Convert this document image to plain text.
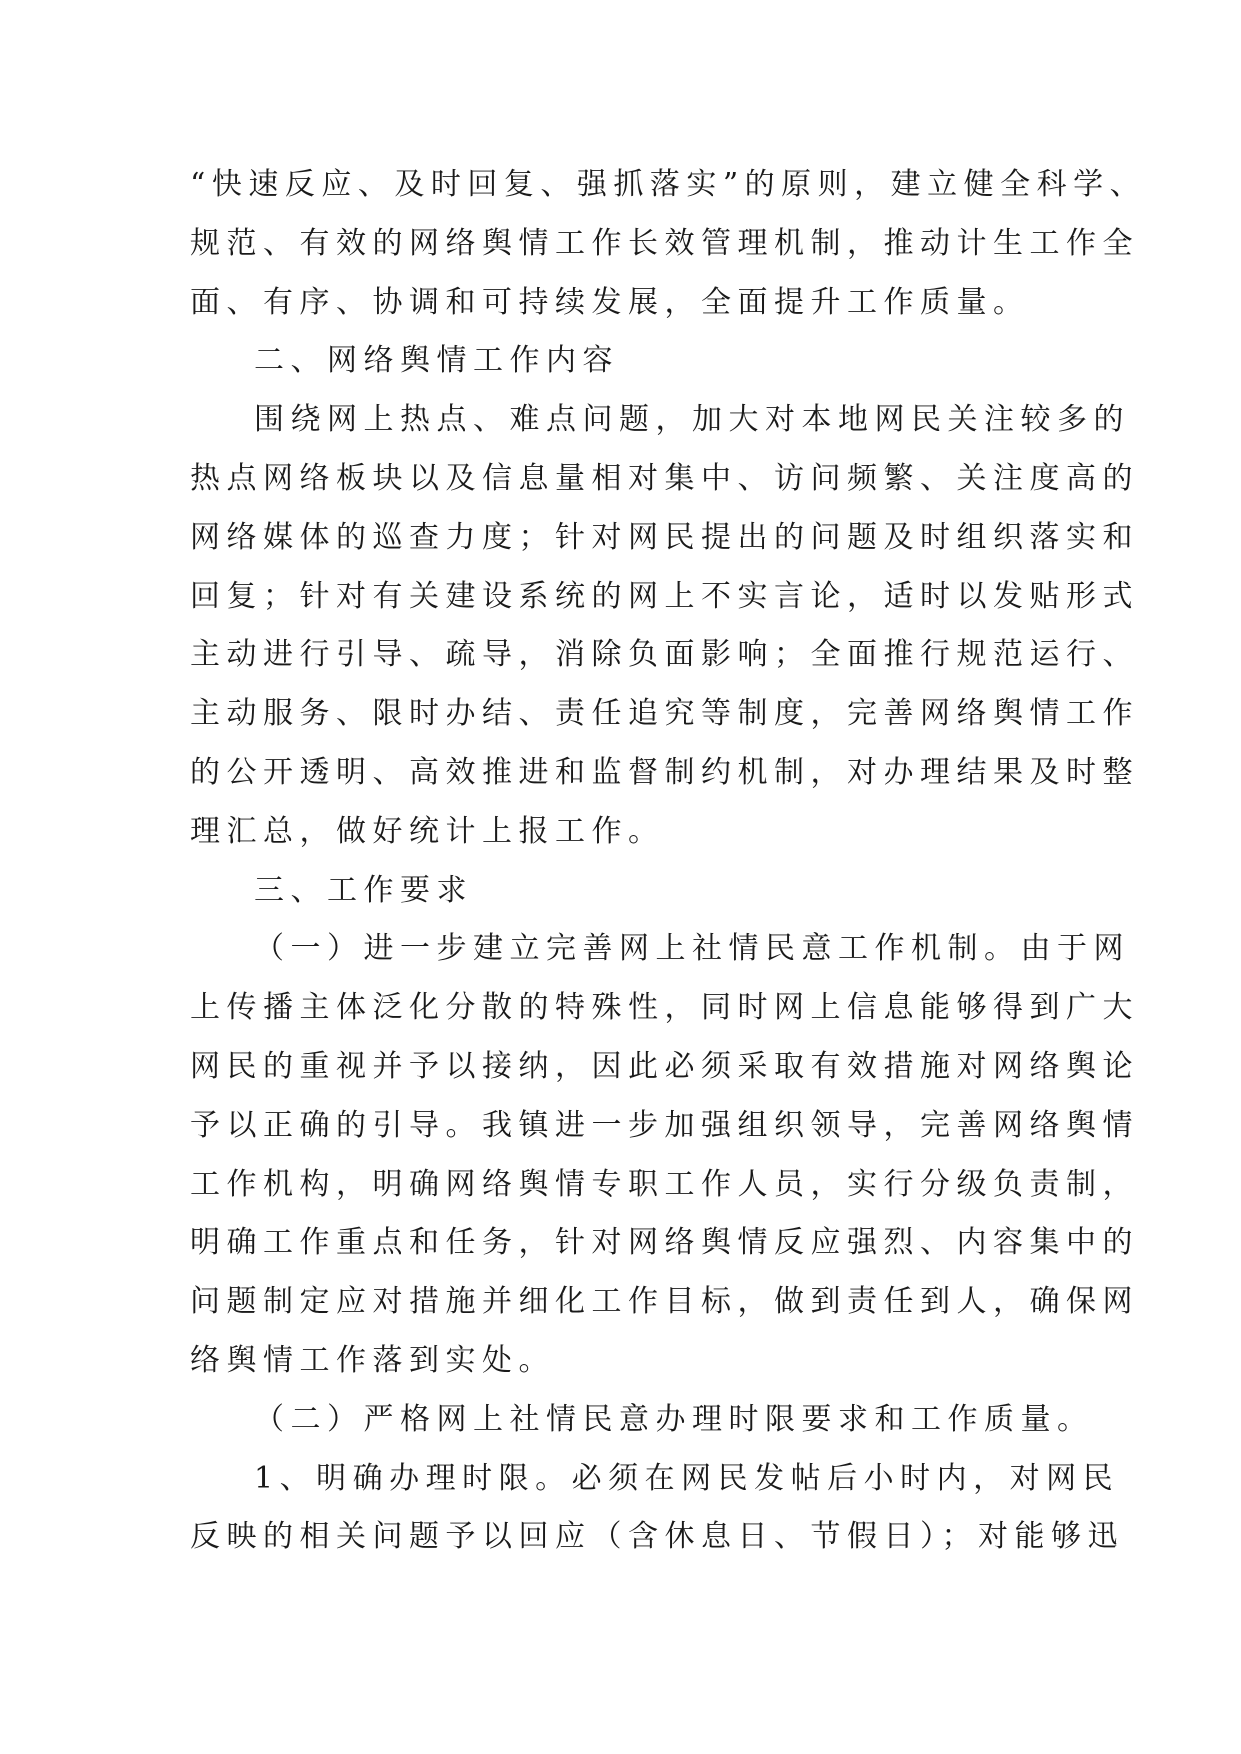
“快速反应、及时回复、强抓落实”的原则，建立健全科学、
规范、有效的网络舆情工作长效管理机制，推动计生工作全
面、有序、协调和可持续发展，全面提升工作质量。
二、网络舆情工作内容
围绕网上热点、难点问题，加大对本地网民关注较多的
热点网络板块以及信息量相对集中、访问频繁、关注度高的
网络媒体的巡查力度；针对网民提出的问题及时组织落实和
回复；针对有关建设系统的网上不实言论，适时以发贴形式
主动进行引导、疏导，消除负面影响；全面推行规范运行、
主动服务、限时办结、责任追究等制度，完善网络舆情工作
的公开透明、高效推进和监督制约机制，对办理结果及时整
理汇总，做好统计上报工作。
三、工作要求
（一）进一步建立完善网上社情民意工作机制。由于网
上传播主体泛化分散的特殊性，同时网上信息能够得到广大
网民的重视并予以接纳，因此必须采取有效措施对网络舆论
予以正确的引导。我镇进一步加强组织领导，完善网络舆情
工作机构，明确网络舆情专职工作人员，实行分级负责制，
明确工作重点和任务，针对网络舆情反应强烈、内容集中的
问题制定应对措施并细化工作目标，做到责任到人，确保网
络舆情工作落到实处。
（二）严格网上社情民意办理时限要求和工作质量。
1、明确办理时限。必须在网民发帖后小时内，对网民
反映的相关问题予以回应（含休息日、节假日）；对能够迅
